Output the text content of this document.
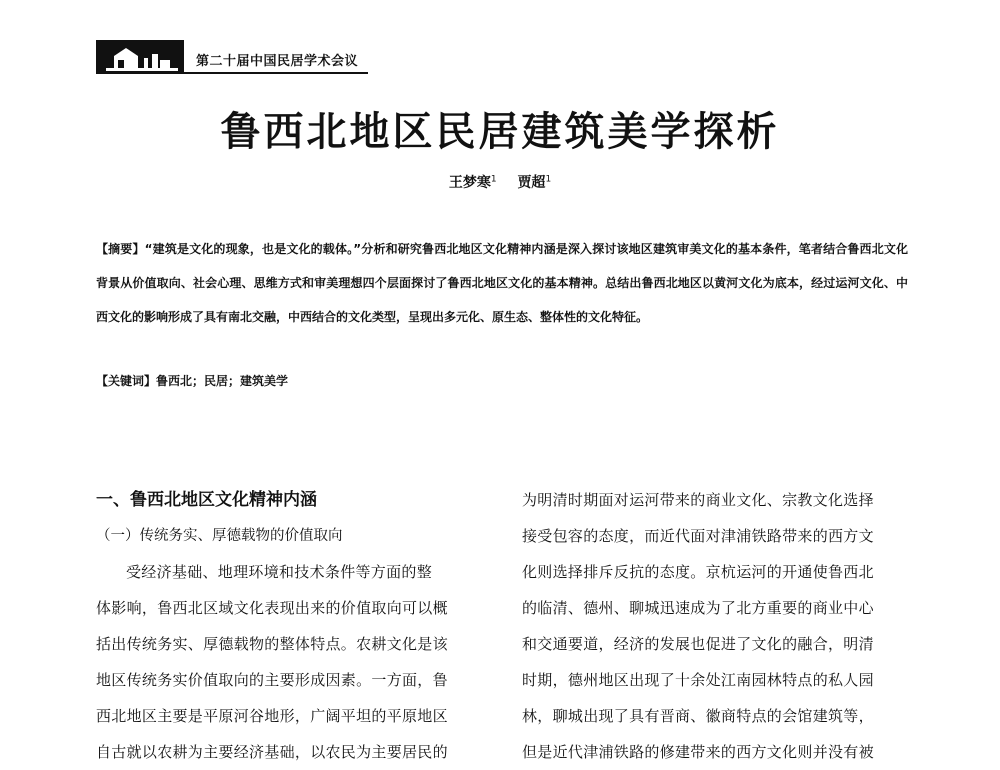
第二十届中国民居学术会议
鲁西北地区民居建筑美学探析
王梦寒$^1$ 贾超$^1$
【摘要】“建筑是文化的现象，也是文化的载体。”分析和研究鲁西北地区文化精神内涵是深入探讨该地区建筑审美文化的基本条件，笔者结合鲁西北文化背景从价值取向、社会心理、思维方式和审美理想四个层面探讨了鲁西北地区文化的基本精神。总结出鲁西北地区以黄河文化为底本，经过运河文化、中西文化的影响形成了具有南北交融，中西结合的文化类型，呈现出多元化、原生态、整体性的文化特征。
【关键词】鲁西北；民居；建筑美学
一、鲁西北地区文化精神内涵
（一）传统务实、厚德载物的价值取向
受经济基础、地理环境和技术条件等方面的整
体影响，鲁西北区域文化表现出来的价值取向可以概
括出传统务实、厚德载物的整体特点。农耕文化是该
地区传统务实价值取向的主要形成因素。一方面，鲁
西北地区主要是平原河谷地形，广阔平坦的平原地区
自古就以农耕为主要经济基础，以农民为主要居民的
为明清时期面对运河带来的商业文化、宗教文化选择
接受包容的态度，而近代面对津浦铁路带来的西方文
化则选择排斥反抗的态度。京杭运河的开通使鲁西北
的临清、德州、聊城迅速成为了北方重要的商业中心
和交通要道，经济的发展也促进了文化的融合，明清
时期，德州地区出现了十余处江南园林特点的私人园
林，聊城出现了具有晋商、徽商特点的会馆建筑等，
但是近代津浦铁路的修建带来的西方文化则并没有被
